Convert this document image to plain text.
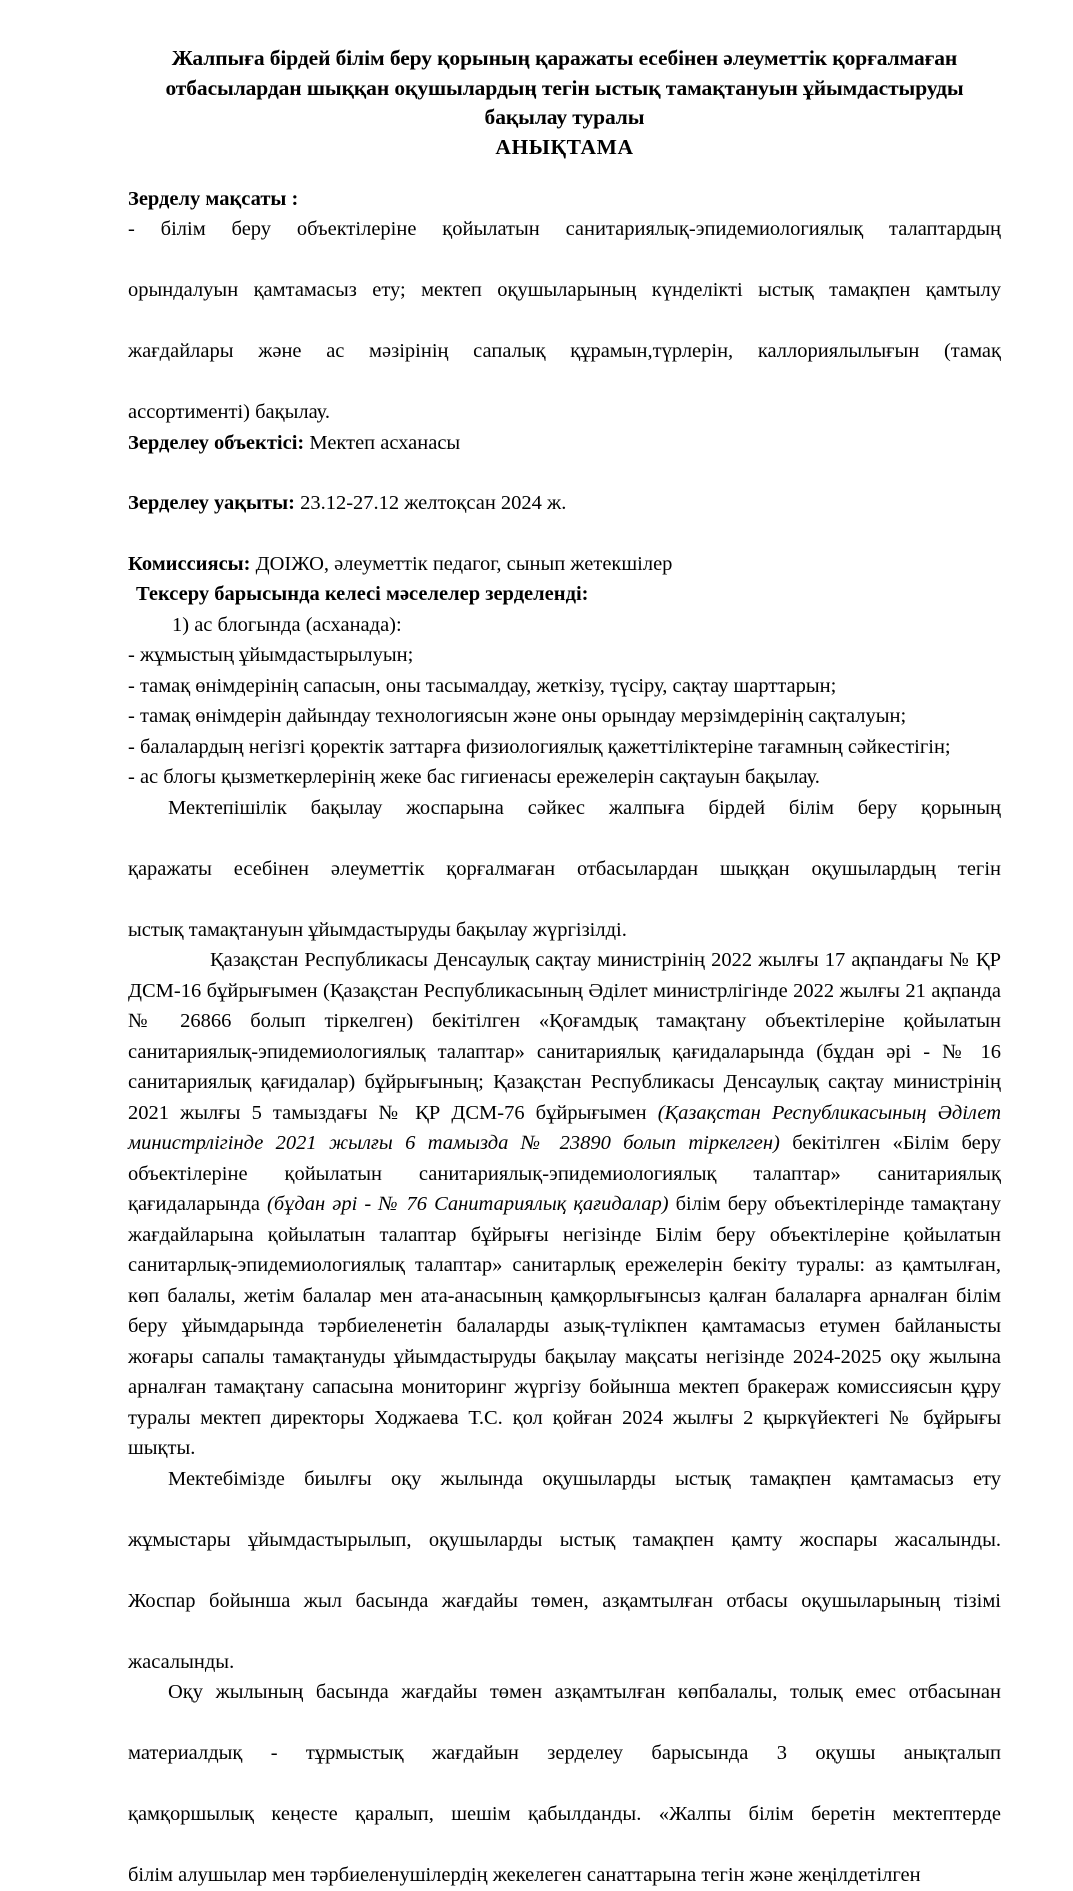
Жалпыға бірдей білім беру қорының қаражаты есебінен әлеуметтік қорғалмаған
отбасылардан шыққан оқушылардың тегін ыстық тамақтануын ұйымдастыруды
бақылау туралы
АНЫҚТАМА

Зерделу мақсаты :

- білім беру объектілеріне қойылатын санитариялық-эпидемиологиялық талаптардың
орындалуын қамтамасыз ету; мектеп оқушыларының күнделікті ыстық тамақпен қамтылу
жағдайлары және ас мәзірінің сапалық құрамын,түрлерін, каллориялылығын (тамақ
ассортименті) бақылау.

Зерделеу объектісі: Мектеп асханасы

Зерделеу уақыты: 23.12-27.12 желтоқсан 2024 ж.

Комиссиясы: ДОІЖО, әлеуметтік педагог, сынып жетекшілер

Тексеру барысында келесі мәселелер зерделенді:

1) ас блогында (асханада):

- жұмыстың ұйымдастырылуын;

- тамақ өнімдерінің сапасын, оны тасымалдау, жеткізу, түсіру, сақтау шарттарын;

- тамақ өнімдерін дайындау технологиясын және оны орындау мерзімдерінің сақталуын;

- балалардың негізгі қоректік заттарға физиологиялық қажеттіліктеріне тағамның сәйкестігін;

- ас блогы қызметкерлерінің жеке бас гигиенасы ережелерін сақтауын бақылау.

Мектепішілік бақылау жоспарына сәйкес жалпыға бірдей білім беру қорының
қаражаты есебінен әлеуметтік қорғалмаған отбасылардан шыққан оқушылардың тегін
ыстық тамақтануын ұйымдастыруды бақылау жүргізілді.

Қазақстан Республикасы Денсаулық сақтау министрінің 2022 жылғы 17 ақпандағы № ҚР ДСМ-16 бұйрығымен (Қазақстан Республикасының Әділет министрлігінде 2022 жылғы 21 ақпанда № 26866 болып тіркелген) бекітілген «Қоғамдық тамақтану объектілеріне қойылатын санитариялық-эпидемиологиялық талаптар» санитариялық қағидаларында (бұдан әрі - № 16 санитариялық қағидалар) бұйрығының; Қазақстан Республикасы Денсаулық сақтау министрінің 2021 жылғы 5 тамыздағы № ҚР ДСМ-76 бұйрығымен (Қазақстан Республикасының Әділет министрлігінде 2021 жылғы 6 тамызда № 23890 болып тіркелген) бекітілген «Білім беру объектілеріне қойылатын санитариялық-эпидемиологиялық талаптар» санитариялық қағидаларында (бұдан әрі - № 76 Санитариялық қағидалар) білім беру объектілерінде тамақтану жағдайларына қойылатын талаптар бұйрығы негізінде Білім беру объектілеріне қойылатын санитарлық-эпидемиологиялық талаптар» санитарлық ережелерін бекіту туралы: аз қамтылған, көп балалы, жетім балалар мен ата-анасының қамқорлығынсыз қалған балаларға арналған білім беру ұйымдарында тәрбиеленетін балаларды азық-түлікпен қамтамасыз етумен байланысты жоғары сапалы тамақтануды ұйымдастыруды бақылау мақсаты негізінде 2024-2025 оқу жылына арналған тамақтану сапасына мониторинг жүргізу бойынша мектеп бракераж комиссиясын құру туралы мектеп директоры Ходжаева Т.С. қол қойған 2024 жылғы 2 қыркүйектегі № бұйрығы шықты.

Мектебімізде биылғы оқу жылында оқушыларды ыстық тамақпен қамтамасыз ету
жұмыстары ұйымдастырылып, оқушыларды ыстық тамақпен қамту жоспары жасалынды.
Жоспар бойынша жыл басында жағдайы төмен, азқамтылған отбасы оқушыларының тізімі
жасалынды.

Оқу жылының басында жағдайы төмен азқамтылған көпбалалы, толық емес отбасынан
материалдық - тұрмыстық жағдайын зерделеу барысында 3 оқушы анықталып
қамқоршылық кеңесте қаралып, шешім қабылданды. «Жалпы білім беретін мектептерде
білім алушылар мен тәрбиеленушілердің жекелеген санаттарына тегін және жеңілдетілген
